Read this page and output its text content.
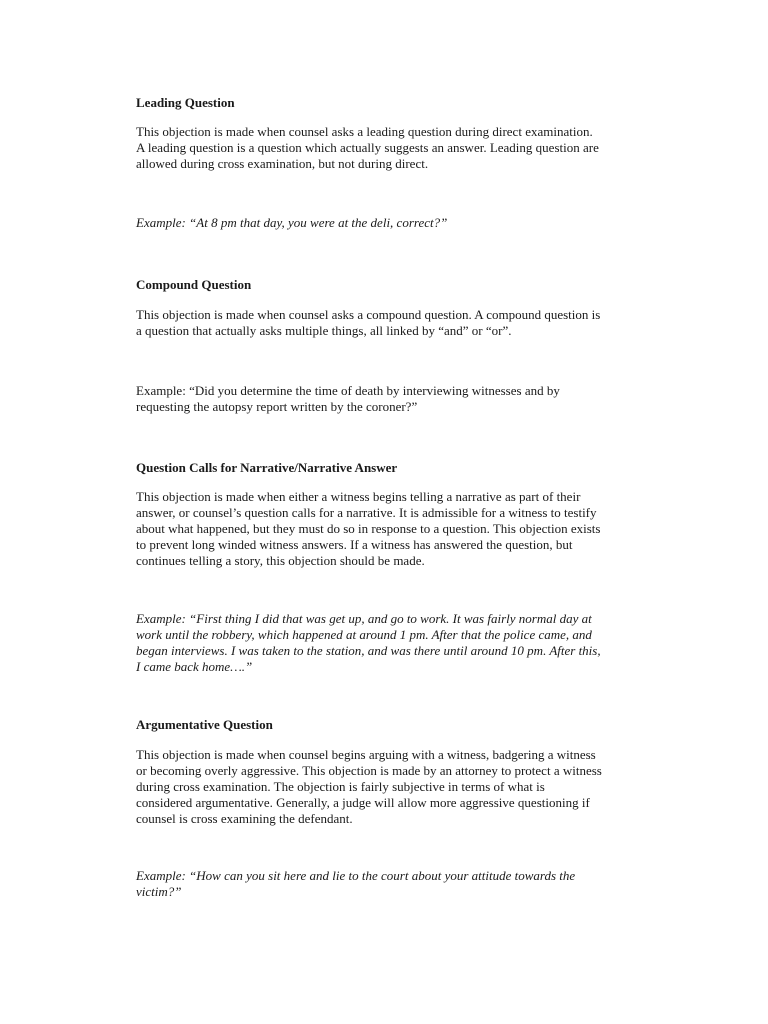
Leading Question
This objection is made when counsel asks a leading question during direct examination.
A leading question is a question which actually suggests an answer. Leading question are
allowed during cross examination, but not during direct.
Example: “At 8 pm that day, you were at the deli, correct?”
Compound Question
This objection is made when counsel asks a compound question. A compound question is
a question that actually asks multiple things, all linked by “and” or “or”.
Example: “Did you determine the time of death by interviewing witnesses and by
requesting the autopsy report written by the coroner?”
Question Calls for Narrative/Narrative Answer
This objection is made when either a witness begins telling a narrative as part of their
answer, or counsel’s question calls for a narrative. It is admissible for a witness to testify
about what happened, but they must do so in response to a question. This objection exists
to prevent long winded witness answers. If a witness has answered the question, but
continues telling a story, this objection should be made.
Example: “First thing I did that was get up, and go to work. It was fairly normal day at
work until the robbery, which happened at around 1 pm. After that the police came, and
began interviews. I was taken to the station, and was there until around 10 pm. After this,
I came back home….”
Argumentative Question
This objection is made when counsel begins arguing with a witness, badgering a witness
or becoming overly aggressive. This objection is made by an attorney to protect a witness
during cross examination. The objection is fairly subjective in terms of what is
considered argumentative. Generally, a judge will allow more aggressive questioning if
counsel is cross examining the defendant.
Example: “How can you sit here and lie to the court about your attitude towards the
victim?”
